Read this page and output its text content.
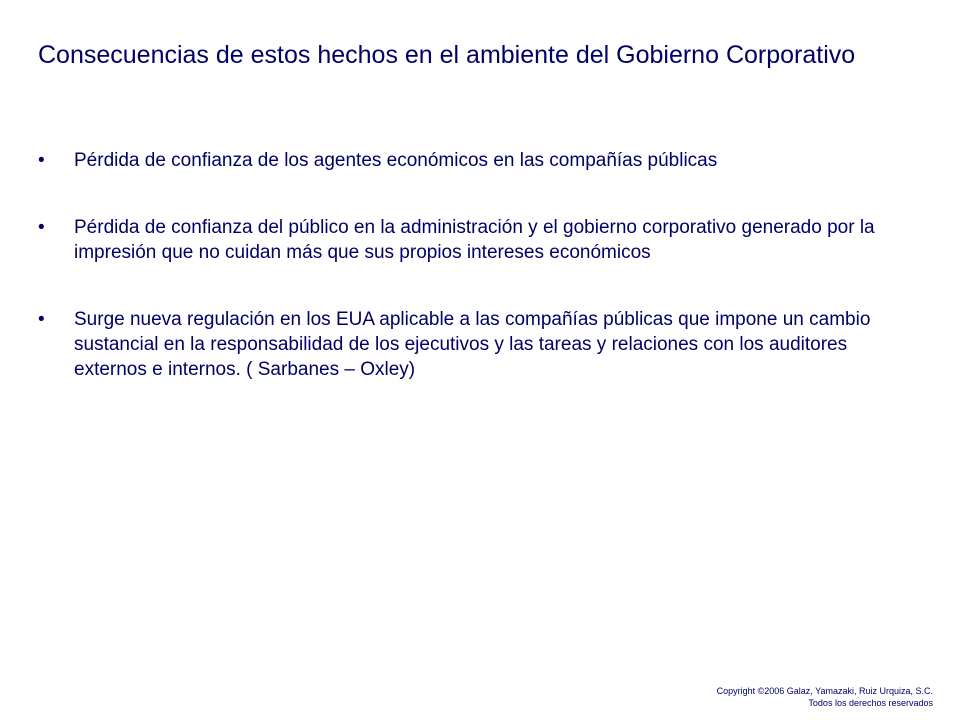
Consecuencias de estos hechos en el ambiente del Gobierno Corporativo
•	Pérdida de confianza de los agentes económicos en las compañías públicas
•	Pérdida de confianza del público en la administración y el gobierno corporativo generado por la impresión que no cuidan más que sus propios intereses económicos
•	Surge nueva regulación en los EUA aplicable a las compañías públicas que impone un cambio sustancial en la responsabilidad de los ejecutivos y las tareas y relaciones con los auditores externos e internos. ( Sarbanes – Oxley)
Copyright ©2006 Galaz, Yamazaki, Ruiz Urquiza, S.C.
Todos los derechos reservados
